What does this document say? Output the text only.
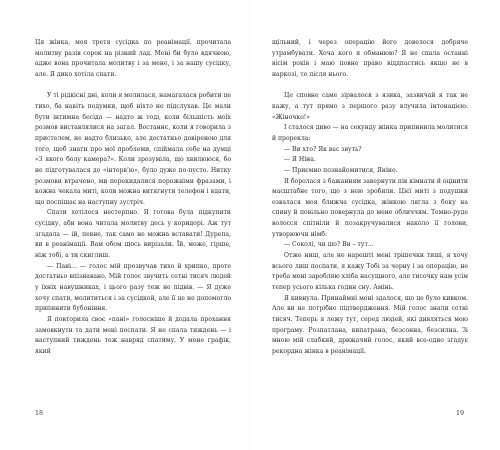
Ця жінка, моя третя сусідка по реанімації, прочитала молитву разів сорок на різний лад. Мені би було вдячною, адже вона прочитала молитву і за мене, і за нашу сусідку, але. Я дико хотіла спати.

У ті рідкісні дні, коли я молилася, намагалася робити це тихо, ба навіть подумки, щоб ніхто не підслухав. Це мали бути інтимна бесіда — надто ж тоді, коли більшість моїх розмов виставлялися на загал. Востаннє, коли я говорила з пристелем, не надто близько, але достатньо довіреною для того, щоб знати про мої проблеми, спіймала себе на думці «З якого болу камера?». Коли зрозуміла, що хвилююся, бо не підготувалася до «інтерв’ю», було дуже по-пусто. Нитку розмови втрачено, ми перекидалися порожніми фразами, і кожна чекала миті, коли можна витягнути телефон і вдати, що поспішає на наступну зустріч.

Спати хотілося нестерпно. Я готова була підкупити сусідку, аби вона читала молитву десь у коридорі. Аж тут згадала — ій, певне, так само не можна вставати! Дурепа, ви в реанімації. Вам обом щось вирізали. Їй, може, гірше, ніж тобі, а ти скиглиш.

— Пані... — голос мій прозвучав тихо й хрипко, проте достатньо впізнавано. Мій голос звучить сотні тисяч людей у їхніх навушниках, і цього разу теж не підвів. — Я дуже хочу спати, молититься і за сусідкой, але її це не допомогло припинити бубоніння.

Я повторила своє «пані» голосніше й додала прохання замовкнути та дати мені поспати. Я не спала тиждень — і наступний тиждень теж навряд спатиму. У мене графік, який

18

щільний, і через операцію його довелося добряче утрамбувати. Хоча кого я обманюю? Я не спала останні вісім років і маю повне право віддпастись якщо не в наркозі, то після нього.

Це сповне саме зірвалося з язика, зазвичай я так не кажу, а тут прямо з першого разу влучила інтонацією: «Жіночко!»

І сталося диво — на секунду жінка припинила молитися й прорекла:

— Ви хто? Як вас звуть?

— Я Ніна.

— Приємно познайомитися, Яніно.

Я боролася з бажанням завернути пів кімнати й оцінити масштабне того, що з нею зробили. Цієї миті з подушки озвалася моя ближча сусідка, жінкою лягла з боку на спину й повільно повернула до мене обличчям. Темно-руде волосся спітніли й позакручувалися наколо її голови, утворюючи німб:

— Соколі, чи шо? Ви – тут...

Отже ниш, але не нарешті мені трішечки тиші, я хочу всього лиш поспати, я кажу Тобі за чорну і за операцію, не треба мені заробляю хліба насущного, але тисочку нам усім тепер усього кілька годин сну. Амінь.

Я кивнула. Принаймні мені здалося, що це було кивком. Але ви не потрібно підтвердження. Мій голос знали сотні тисяч. Теперь я лежу тут, серед людей, які дивляться мою програму. Розпатлана, випатрана, безсонна, безсилна. Зі мною мій слабкий, дрижачий голос, який все-одно згадує рекордна жінка в реанімації.

19
